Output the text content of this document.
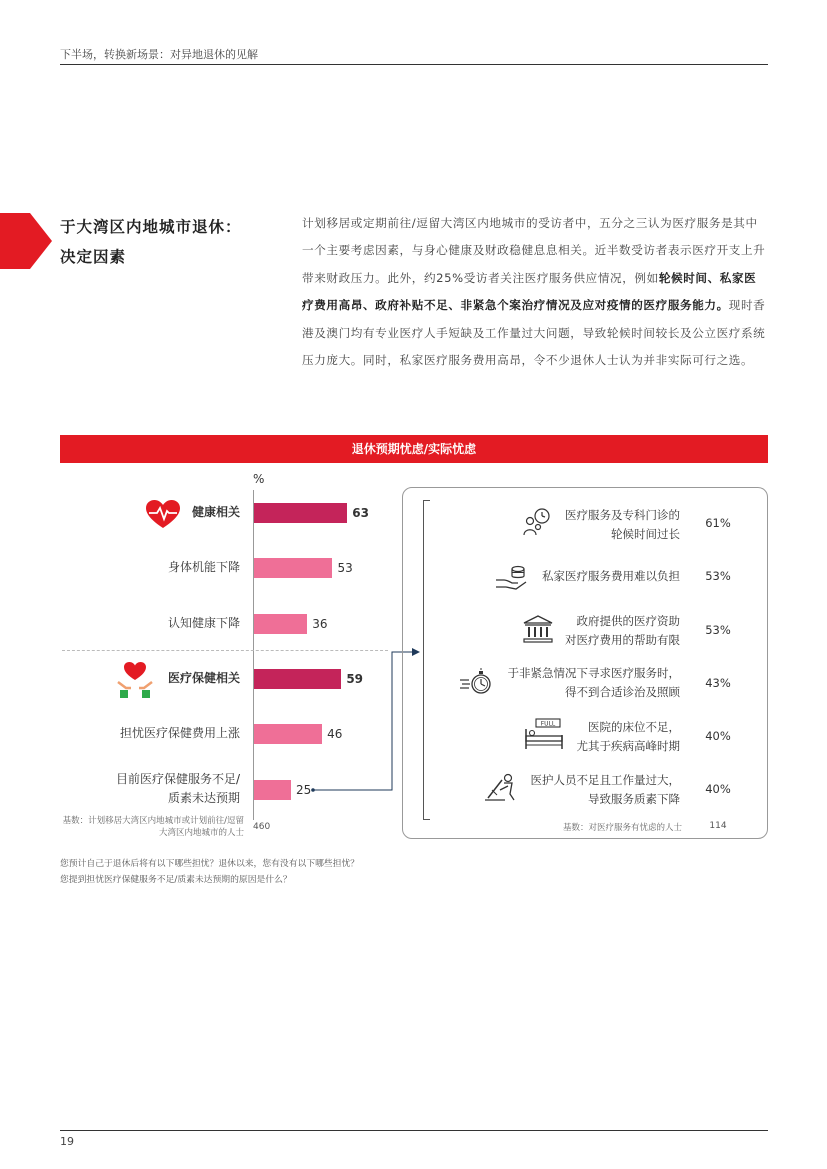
下半场，转换新场景：对异地退休的见解
于大湾区内地城市退休：
决定因素
计划移居或定期前往/逗留大湾区内地城市的受访者中，五分之三认为医疗服务是其中一个主要考虑因素，与身心健康及财政稳健息息相关。近半数受访者表示医疗开支上升带来财政压力。此外，约25%受访者关注医疗服务供应情况，例如轮候时间、私家医疗费用高昂、政府补贴不足、非紧急个案治疗情况及应对疫情的医疗服务能力。现时香港及澳门均有专业医疗人手短缺及工作量过大问题，导致轮候时间较长及公立医疗系统压力庞大。同时，私家医疗服务费用高昂，令不少退休人士认为并非实际可行之选。
退休预期忧虑/实际忧虑
%
健康相关
身体机能下降
认知健康下降
医疗保健相关
担忧医疗保健费用上涨
目前医疗保健服务不足/
质素未达预期
63
53
36
59
46
25
基数：计划移居大湾区内地城市或计划前往/逗留大湾区内地城市的人士
460
医疗服务及专科门诊的
轮候时间过长
61%
私家医疗服务费用难以负担	53%
政府提供的医疗资助
对医疗费用的帮助有限
53%
于非紧急情况下寻求医疗服务时，
得不到合适诊治及照顾
43%
FULL	医院的床位不足，
尤其于疾病高峰时期
40%
医护人员不足且工作量过大，
导致服务质素下降
40%
基数：对医疗服务有忧虑的人士	114
您预计自己于退休后将有以下哪些担忧？退休以来，您有没有以下哪些担忧？
您提到担忧医疗保健服务不足/质素未达预期的原因是什么？
19
